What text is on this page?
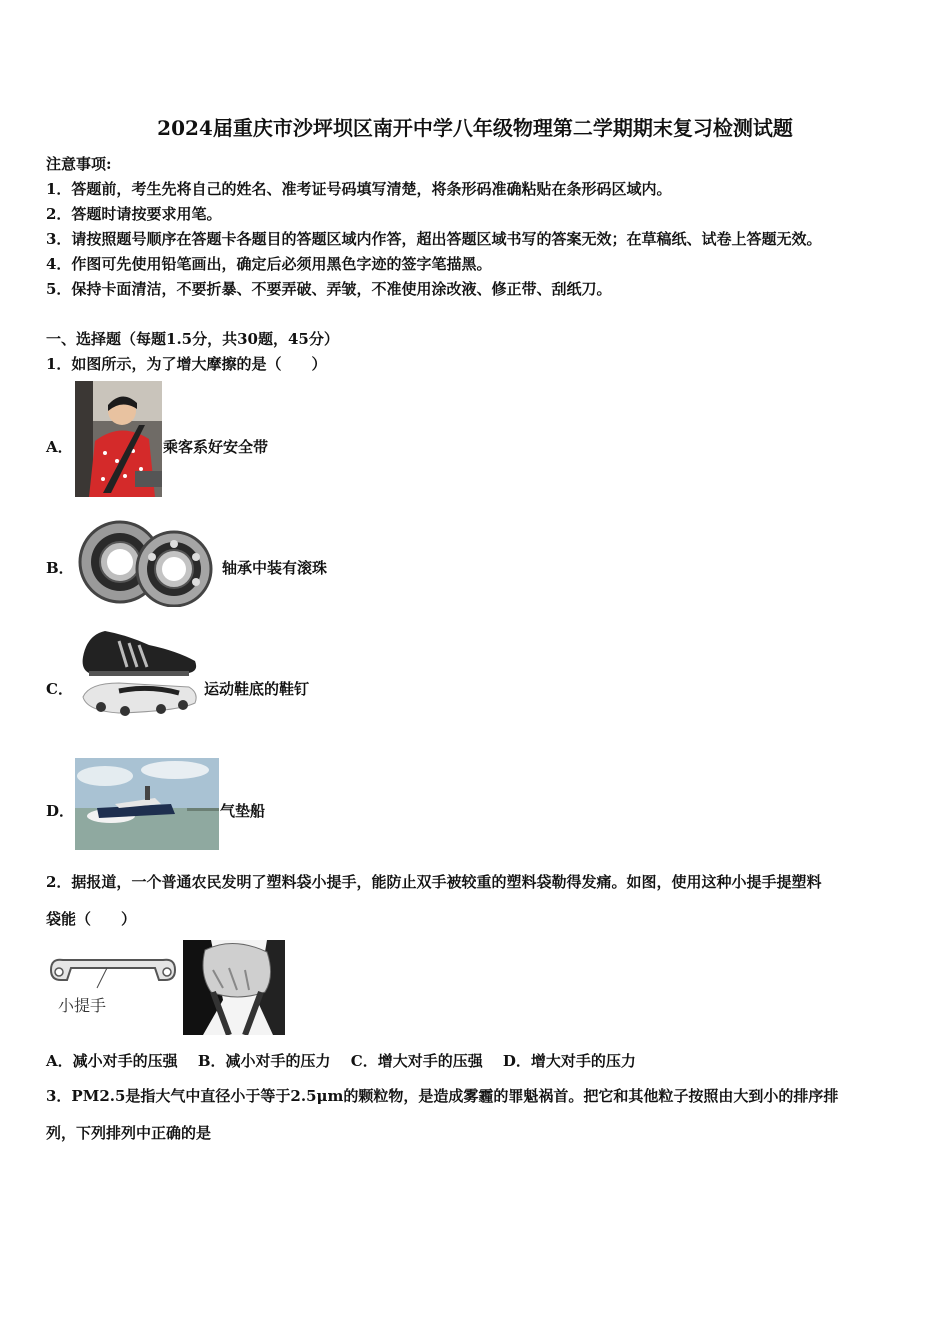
2024届重庆市沙坪坝区南开中学八年级物理第二学期期末复习检测试题
注意事项:
1．答题前，考生先将自己的姓名、准考证号码填写清楚，将条形码准确粘贴在条形码区域内。
2．答题时请按要求用笔。
3．请按照题号顺序在答题卡各题目的答题区域内作答，超出答题区域书写的答案无效；在草稿纸、试卷上答题无效。
4．作图可先使用铅笔画出，确定后必须用黑色字迹的签字笔描黑。
5．保持卡面清洁，不要折暴、不要弄破、弄皱，不准使用涂改液、修正带、刮纸刀。
一、选择题（每题1.5分，共30题，45分）
1．如图所示，为了增大摩擦的是（　　）
A．	乘客系好安全带
B．	轴承中装有滚珠
C．	运动鞋底的鞋钉
D．	气垫船
2．据报道，一个普通农民发明了塑料袋小提手，能防止双手被较重的塑料袋勒得发痛。如图，使用这种小提手提塑料
袋能（　　）
小提手
A．减小对手的压强　 B．减小对手的压力　 C．增大对手的压强　 D．增大对手的压力
3．PM2.5是指大气中直径小于等于2.5μm的颗粒物，是造成雾霾的罪魁祸首。把它和其他粒子按照由大到小的排序排
列，下列排列中正确的是
